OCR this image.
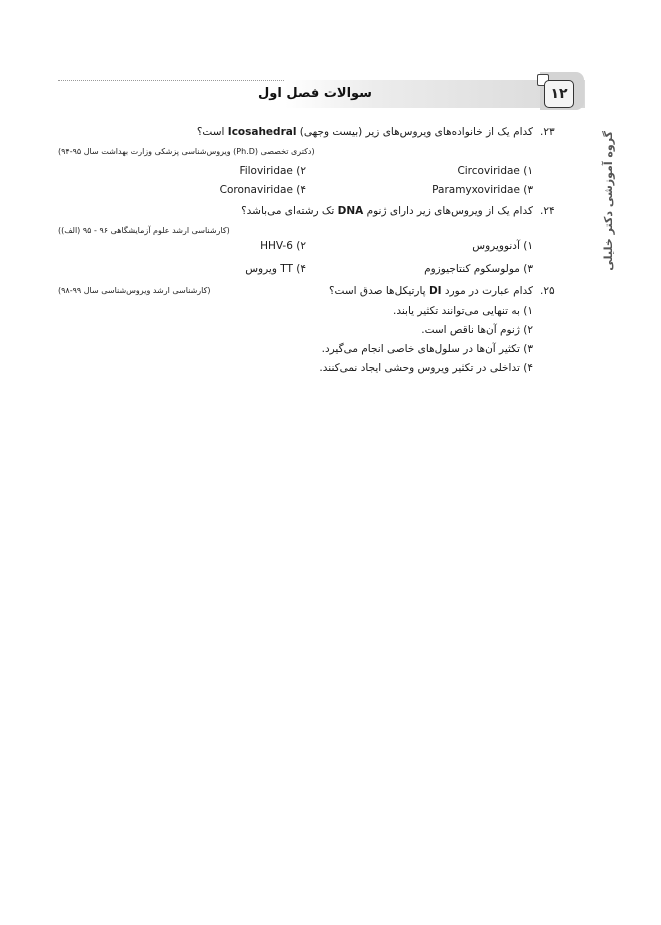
سوالات فصل اول	۱۲
گروه آموزشی دکتر خلیلی
.۲۳
کدام یک از خانواده‌های ویروس‌های زیر (بیست وجهی) Icosahedral است؟
(دکتری تخصصی (Ph.D) ویروس‌شناسی پزشکی وزارت بهداشت سال ۹۵-۹۴)
۱) Circoviridae
۲) Filoviridae
۳) Paramyxoviridae
۴) Coronaviridae
.۲۴
کدام یک از ویروس‌های زیر دارای ژنوم DNA تک رشته‌ای می‌باشد؟
(کارشناسی ارشد علوم آزمایشگاهی ۹۶ - ۹۵ (الف))
۱) آدنوویروس
۲) HHV-6
۳) مولوسکوم کنتاجیوزوم
۴) TT ویروس
.۲۵
کدام عبارت در مورد DI پارتیکل‌ها صدق است؟
(کارشناسی ارشد ویروس‌شناسی سال ۹۹-۹۸)
۱) به تنهایی می‌توانند تکثیر یابند.
۲) ژنوم آن‌ها ناقص است.
۳) تکثیر آن‌ها در سلول‌های خاصی انجام می‌گیرد.
۴) تداخلی در تکثیر ویروس وحشی ایجاد نمی‌کنند.
